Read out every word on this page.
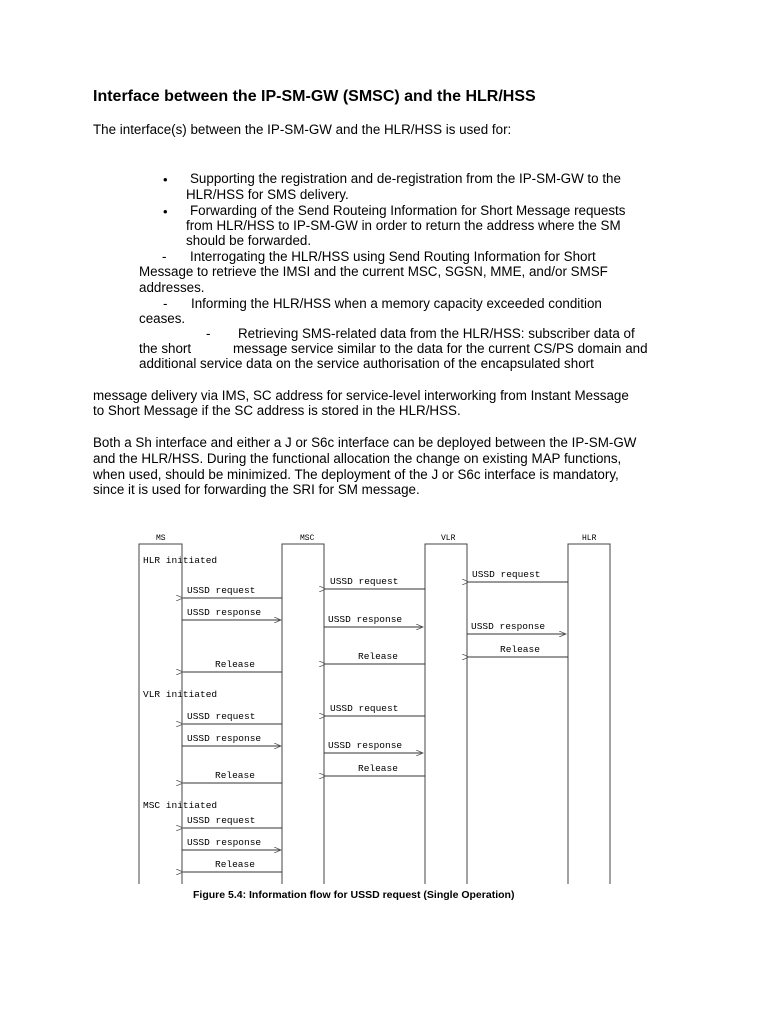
Interface between the IP-SM-GW (SMSC) and the HLR/HSS

The interface(s) between the IP-SM-GW and the HLR/HSS is used for:

• Supporting the registration and de-registration from the IP-SM-GW to the

HLR/HSS for SMS delivery.

• Forwarding of the Send Routeing Information for Short Message requests

from HLR/HSS to IP-SM-GW in order to return the address where the SM

should be forwarded.

- Interrogating the HLR/HSS using Send Routing Information for Short

Message to retrieve the IMSI and the current MSC, SGSN, MME, and/or SMSF

addresses.

- Informing the HLR/HSS when a memory capacity exceeded condition

ceases.

- Retrieving SMS-related data from the HLR/HSS: subscriber data of

the short	message service similar to the data for the current CS/PS domain and

additional service data on the service authorisation of the encapsulated short

message delivery via IMS, SC address for service-level interworking from Instant Message

to Short Message if the SC address is stored in the HLR/HSS.

Both a Sh interface and either a J or S6c interface can be deployed between the IP-SM-GW

and the HLR/HSS. During the functional allocation the change on existing MAP functions,

when used, should be minimized. The deployment of the J or S6c interface is mandatory,

since it is used for forwarding the SRI for SM message.

MS	MSC	VLR	HLR
HLR initiated
VLR initiated
MSC initiated
USSD request
USSD response
Release
USSD request
USSD response
Release
USSD request
USSD response
Release
USSD request
USSD response
Release
USSD request
USSD response
Release
USSD request
USSD response
Release
Figure 5.4: Information flow for USSD request (Single Operation)
